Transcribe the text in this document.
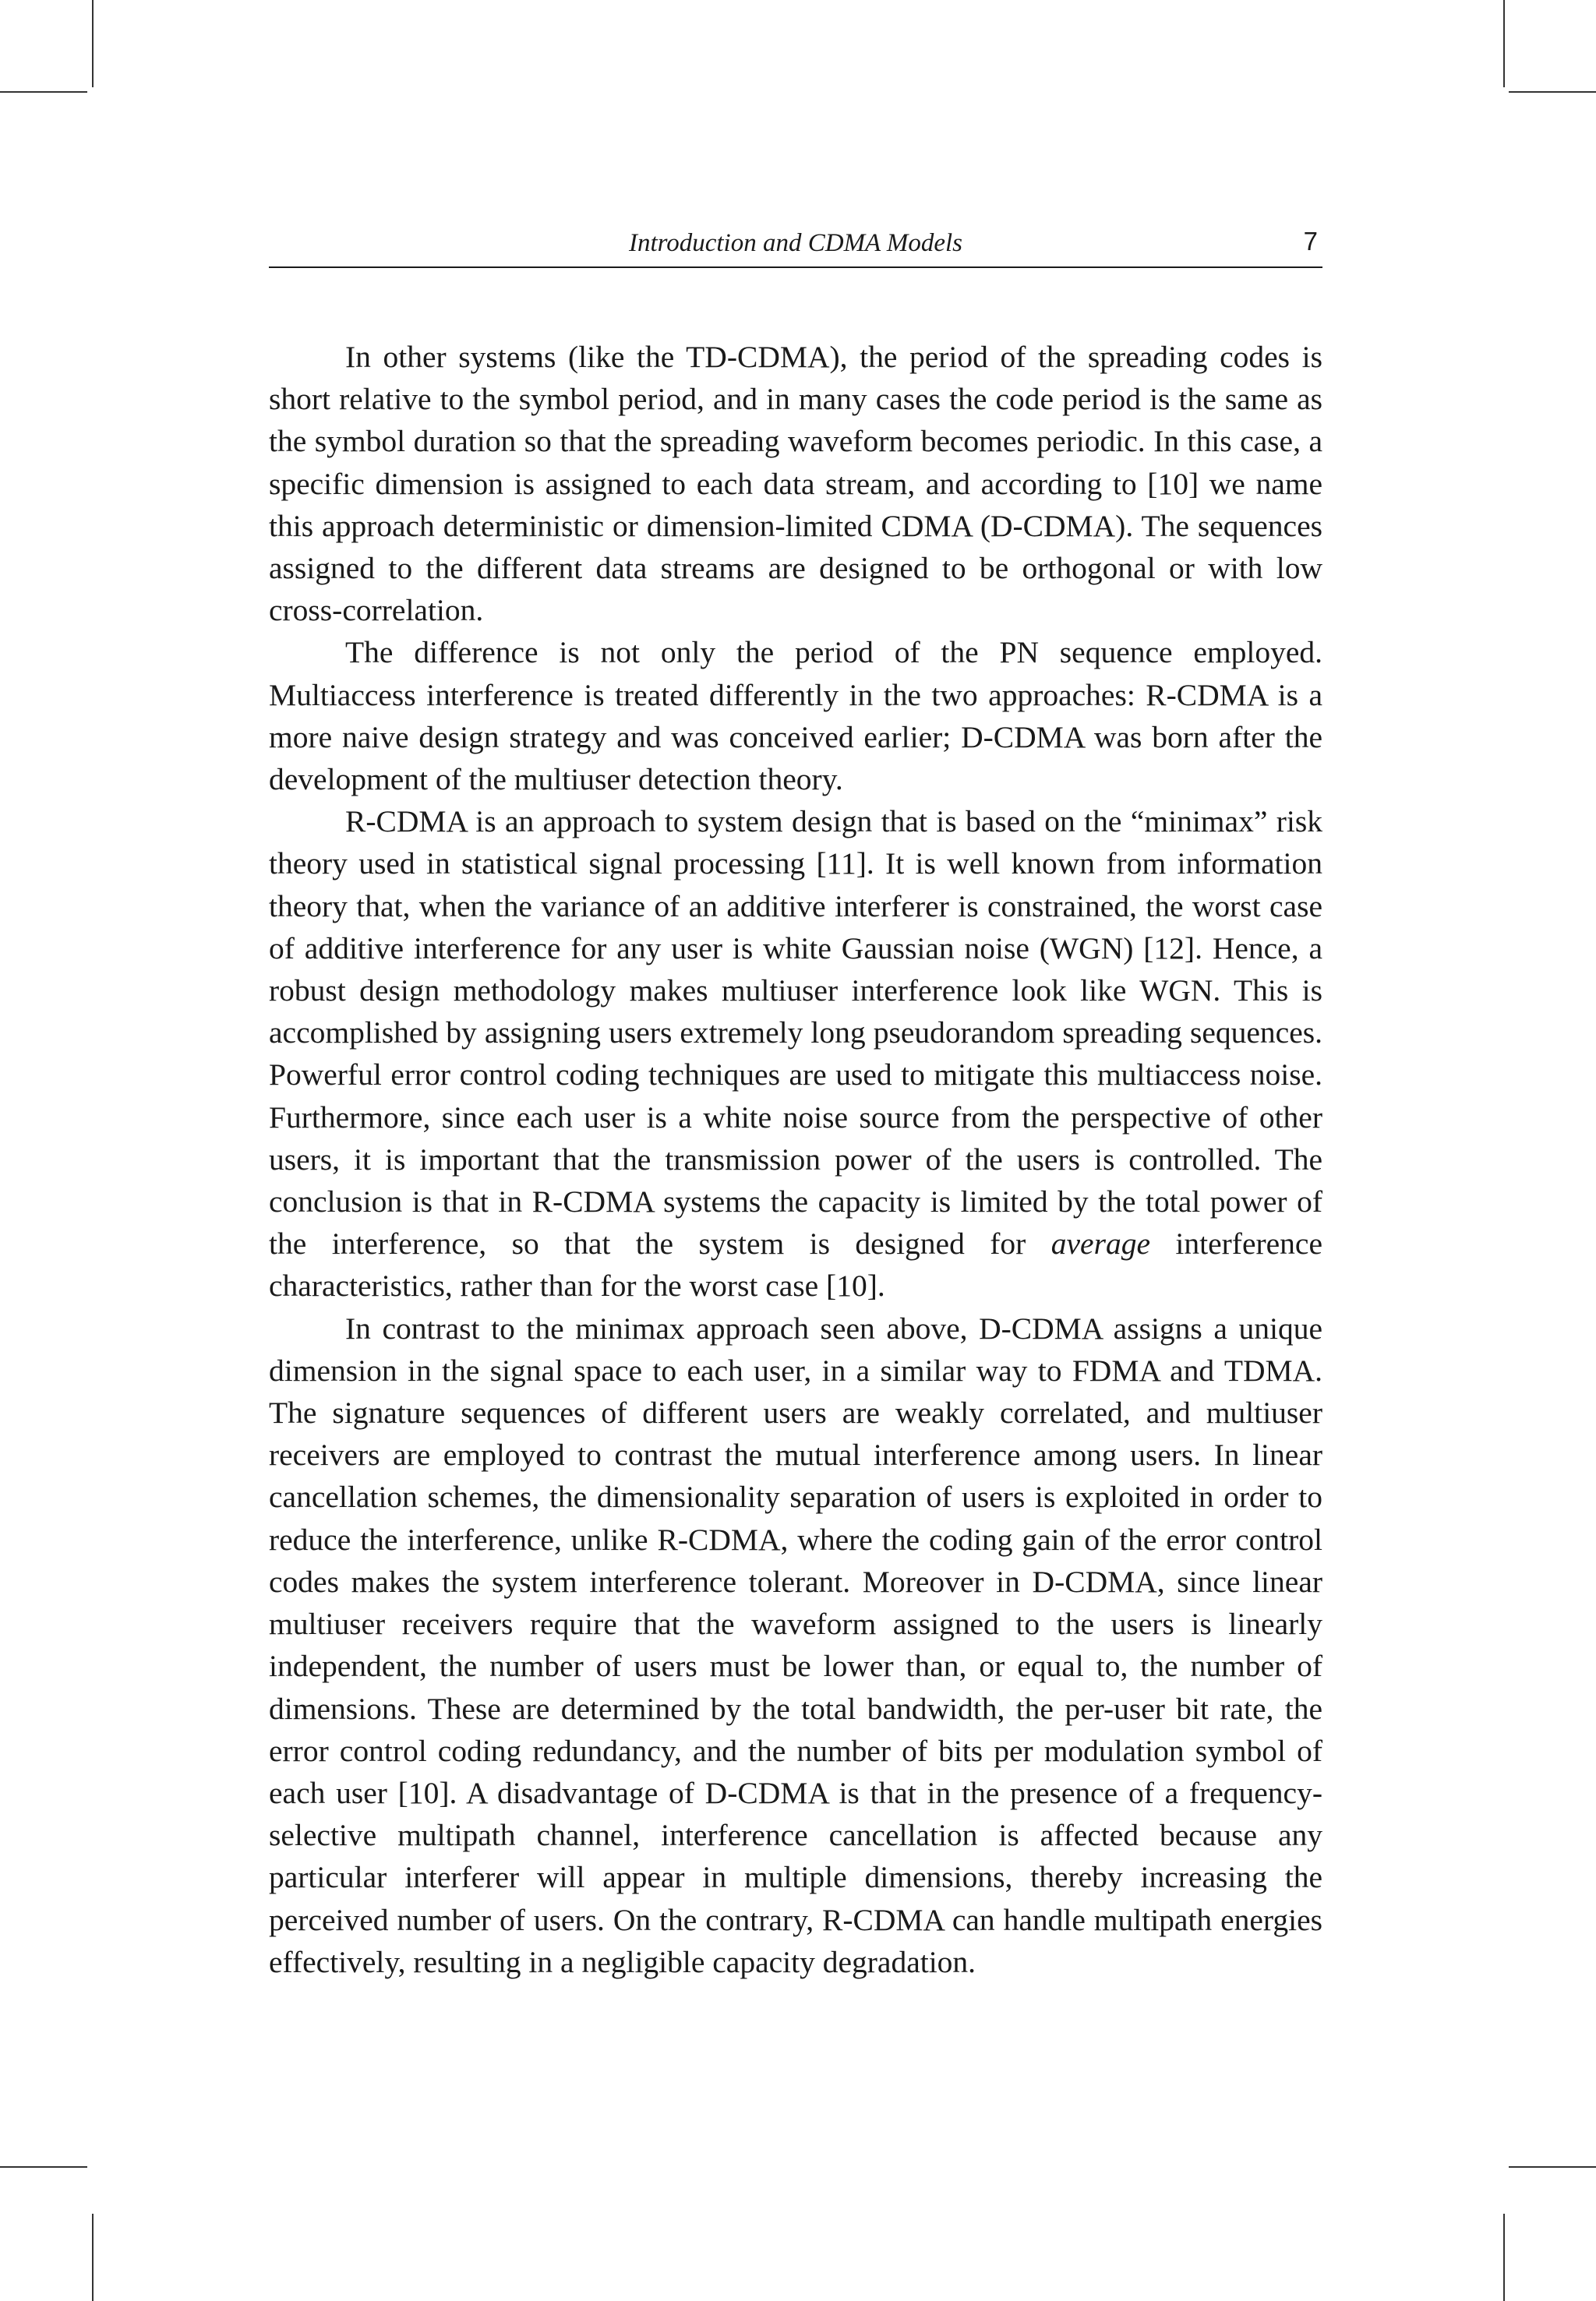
Introduction and CDMA Models	7

In other systems (like the TD-CDMA), the period of the spreading codes is short relative to the symbol period, and in many cases the code period is the same as the symbol duration so that the spreading waveform becomes periodic. In this case, a specific dimension is assigned to each data stream, and according to [10] we name this approach deterministic or dimension-limited CDMA (D-CDMA). The sequences assigned to the different data streams are designed to be orthogonal or with low cross-correlation.

The difference is not only the period of the PN sequence employed. Multiaccess interference is treated differently in the two approaches: R-CDMA is a more naive design strategy and was conceived earlier; D-CDMA was born after the development of the multiuser detection theory.

R-CDMA is an approach to system design that is based on the “minimax” risk theory used in statistical signal processing [11]. It is well known from information theory that, when the variance of an additive interferer is constrained, the worst case of additive interference for any user is white Gaussian noise (WGN) [12]. Hence, a robust design methodology makes multiuser interference look like WGN. This is accomplished by assigning users extremely long pseudorandom spreading sequences. Powerful error control coding techniques are used to mitigate this multiaccess noise. Furthermore, since each user is a white noise source from the perspective of other users, it is important that the transmission power of the users is controlled. The conclusion is that in R-CDMA systems the capacity is limited by the total power of the interference, so that the system is designed for average interference characteristics, rather than for the worst case [10].

In contrast to the minimax approach seen above, D-CDMA assigns a unique dimension in the signal space to each user, in a similar way to FDMA and TDMA. The signature sequences of different users are weakly correlated, and multiuser receivers are employed to contrast the mutual interference among users. In linear cancellation schemes, the dimensionality separation of users is exploited in order to reduce the interference, unlike R-CDMA, where the coding gain of the error control codes makes the system interference tolerant. Moreover in D-CDMA, since linear multiuser receivers require that the waveform assigned to the users is linearly independent, the number of users must be lower than, or equal to, the number of dimensions. These are determined by the total bandwidth, the per-user bit rate, the error control coding redundancy, and the number of bits per modulation symbol of each user [10]. A disadvantage of D-CDMA is that in the presence of a frequency-selective multipath channel, interference cancellation is affected because any particular interferer will appear in multiple dimensions, thereby increasing the perceived number of users. On the contrary, R-CDMA can handle multipath energies effectively, resulting in a negligible capacity degradation.
